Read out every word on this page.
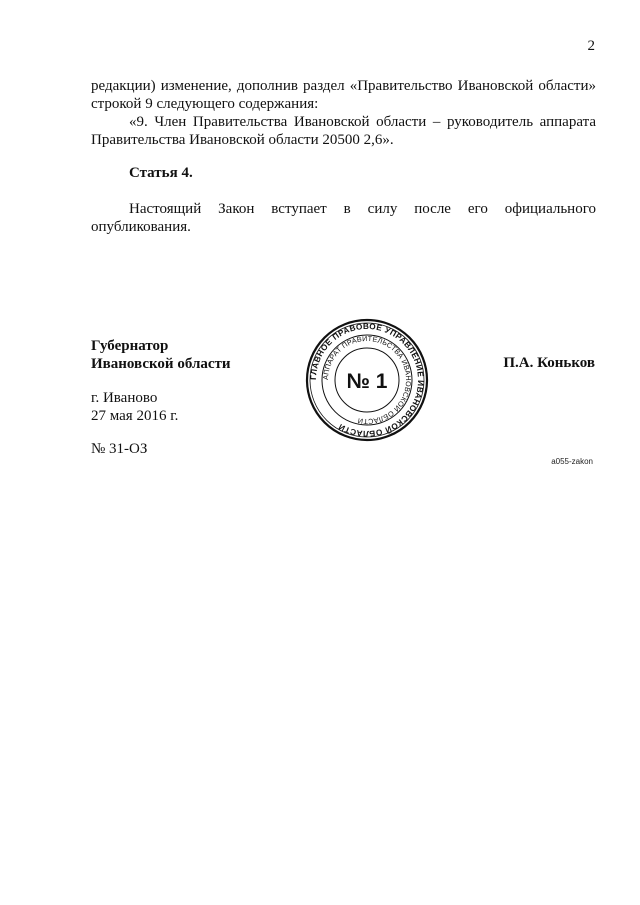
2

редакции) изменение, дополнив раздел «Правительство Ивановской области»

строкой 9 следующего содержания:

«9. Член Правительства Ивановской области – руководитель аппарата

Правительства Ивановской области 20500 2,6».

Статья 4.

Настоящий Закон вступает в силу после его официального

опубликования.

Губернатор
Ивановской области
ГЛАВНОЕ ПРАВОВОЕ УПРАВЛЕНИЕ ИВАНОВСКОЙ ОБЛАСТИ
АППАРАТ ПРАВИТЕЛЬСТВА ИВАНОВСКОЙ ОБЛАСТИ
№ 1
П.А. Коньков
г. Иваново
27 мая 2016 г.
№ 31-ОЗ
a055-zakon
